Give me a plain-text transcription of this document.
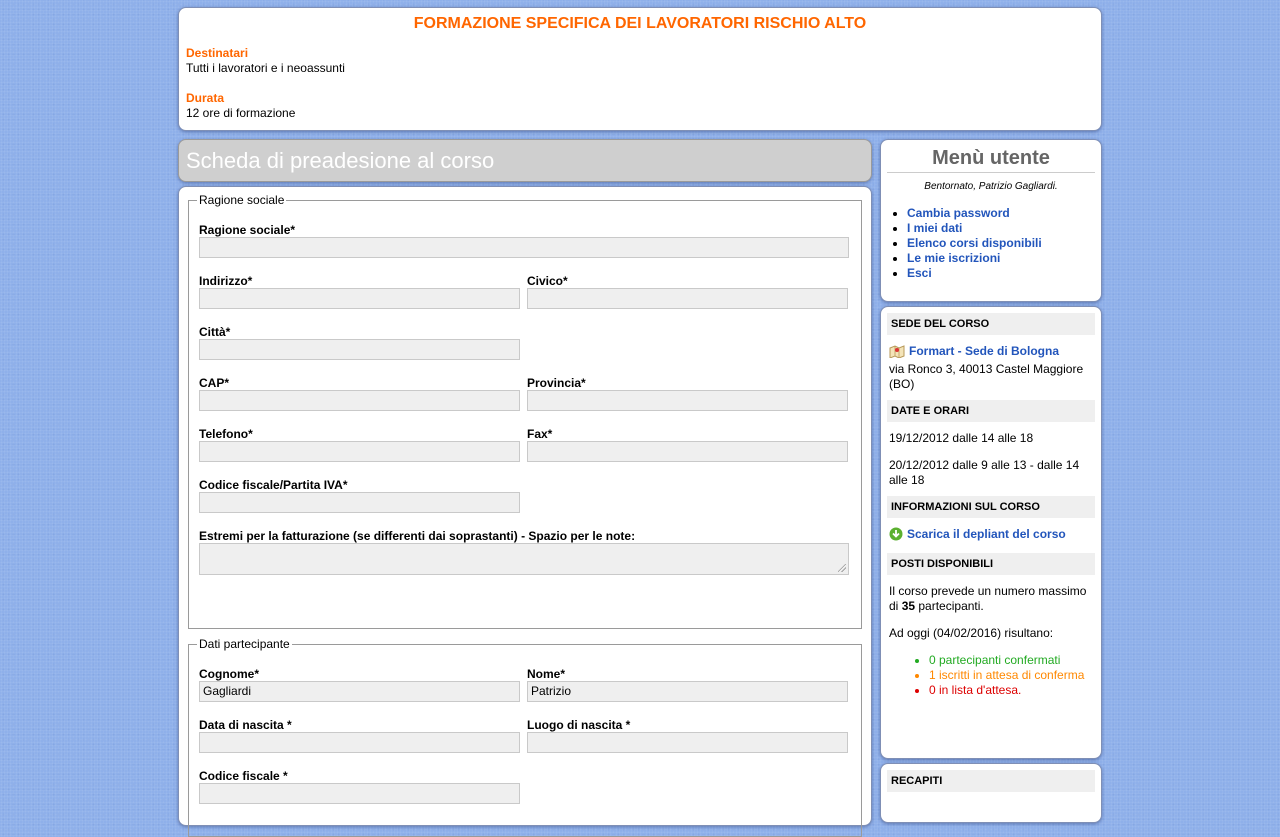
FORMAZIONE SPECIFICA DEI LAVORATORI RISCHIO ALTO
Destinatari
Tutti i lavoratori e i neoassunti
Durata
12 ore di formazione
Scheda di preadesione al corso
Ragione sociale
Ragione sociale*
Indirizzo*	Civico*
Città*
CAP*	Provincia*
Telefono*	Fax*
Codice fiscale/Partita IVA*
Estremi per la fatturazione (se differenti dai soprastanti) - Spazio per le note:
Dati partecipante
Cognome*
Gagliardi
Nome*
Patrizio
Data di nascita *	Luogo di nascita *
Codice fiscale *
Menù utente
Bentornato, Patrizio Gagliardi.
• Cambia password
• I miei dati
• Elenco corsi disponibili
• Le mie iscrizioni
• Esci
SEDE DEL CORSO
Formart - Sede di Bologna
via Ronco 3, 40013 Castel Maggiore (BO)
DATE E ORARI

19/12/2012 dalle 14 alle 18

20/12/2012 dalle 9 alle 13 - dalle 14 alle 18

INFORMAZIONI SUL CORSO
Scarica il depliant del corso
POSTI DISPONIBILI

Il corso prevede un numero massimo di 35 partecipanti.

Ad oggi (04/02/2016) risultano:

• 0 partecipanti confermati
• 1 iscritti in attesa di conferma
• 0 in lista d'attesa.
RECAPITI
